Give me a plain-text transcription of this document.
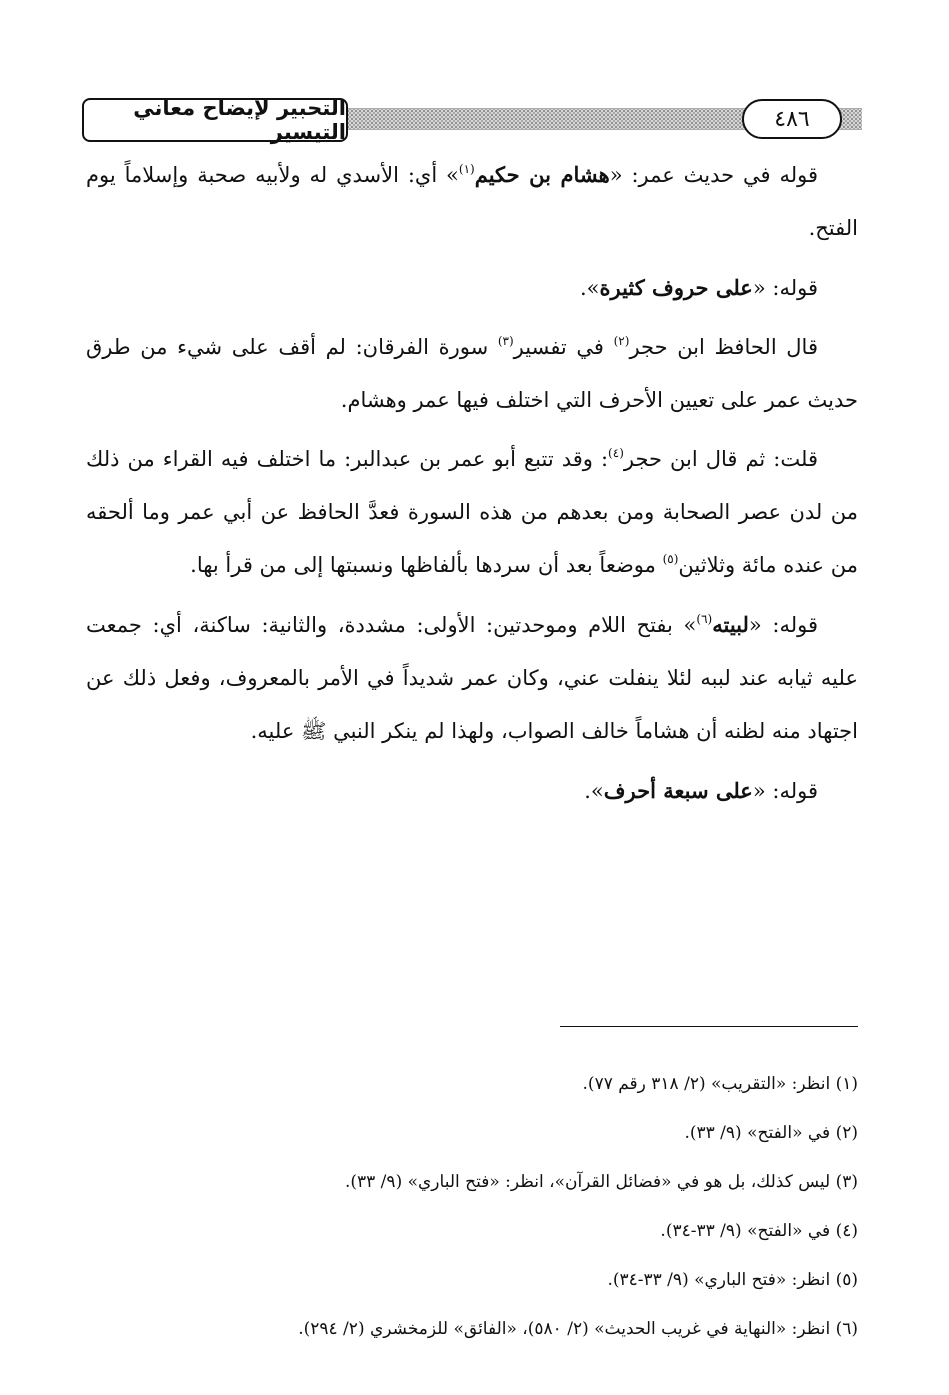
التحبير لإيضاح معاني التيسير
٤٨٦

قوله في حديث عمر: «هشام بن حكيم$^{(١)}$» أي: الأسدي له ولأبيه صحبة وإسلاماً يوم الفتح.

قوله: «على حروف كثيرة».

قال الحافظ ابن حجر$^{(٢)}$ في تفسير$^{(٣)}$ سورة الفرقان: لم أقف على شيء من طرق حديث عمر على تعيين الأحرف التي اختلف فيها عمر وهشام.

قلت: ثم قال ابن حجر$^{(٤)}$: وقد تتبع أبو عمر بن عبدالبر: ما اختلف فيه القراء من ذلك من لدن عصر الصحابة ومن بعدهم من هذه السورة فعدَّ الحافظ عن أبي عمر وما ألحقه من عنده مائة وثلاثين$^{(٥)}$ موضعاً بعد أن سردها بألفاظها ونسبتها إلى من قرأ بها.

قوله: «لبيته$^{(٦)}$» بفتح اللام وموحدتين: الأولى: مشددة، والثانية: ساكنة، أي: جمعت عليه ثيابه عند لببه لئلا ينفلت عني، وكان عمر شديداً في الأمر بالمعروف، وفعل ذلك عن اجتهاد منه لظنه أن هشاماً خالف الصواب، ولهذا لم ينكر النبي ﷺ عليه.

قوله: «على سبعة أحرف».

(١) انظر: «التقريب» (٢/ ٣١٨ رقم ٧٧).
(٢) في «الفتح» (٩/ ٣٣).
(٣) ليس كذلك، بل هو في «فضائل القرآن»، انظر: «فتح الباري» (٩/ ٣٣).
(٤) في «الفتح» (٩/ ٣٣-٣٤).
(٥) انظر: «فتح الباري» (٩/ ٣٣-٣٤).
(٦) انظر: «النهاية في غريب الحديث» (٢/ ٥٨٠)، «الفائق» للزمخشري (٢/ ٢٩٤).
